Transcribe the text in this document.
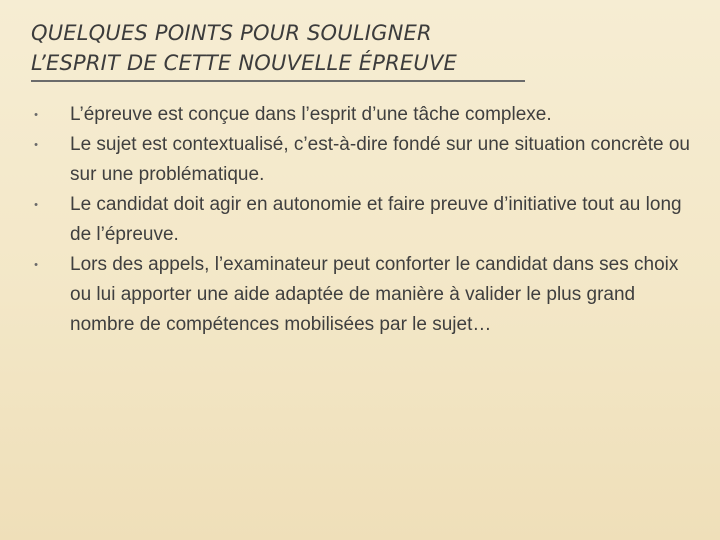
QUELQUES POINTS POUR SOULIGNER
L’ESPRIT DE CETTE NOUVELLE ÉPREUVE
• L’épreuve est conçue dans l’esprit d’une tâche complexe.
• Le sujet est contextualisé, c’est-à-dire fondé sur une situation concrète ou sur une problématique.
• Le candidat doit agir en autonomie et faire preuve d’initiative tout au long de l’épreuve.
• Lors des appels, l’examinateur peut conforter le candidat dans ses choix ou lui apporter une aide adaptée de manière à valider le plus grand nombre de compétences mobilisées par le sujet…
